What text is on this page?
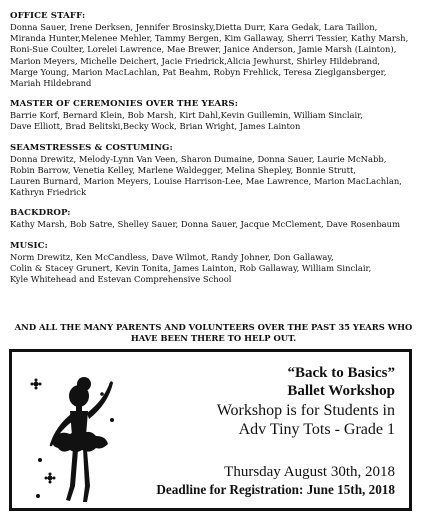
OFFICE STAFF:
Donna Sauer, Irene Derksen, Jennifer Brosinsky,Dietta Durr, Kara Gedak, Lara Taillon,
Miranda Hunter,Melenee Mehler, Tammy Bergen, Kim Gallaway, Sherri Tessier, Kathy Marsh,
Roni-Sue Coulter, Lorelei Lawrence, Mae Brewer, Janice Anderson, Jamie Marsh (Lainton),
Marion Meyers, Michelle Deichert, Jacie Friedrick,Alicia Jewhurst, Shirley Hildebrand,
Marge Young, Marion MacLachlan, Pat Beahm, Robyn Frehlick, Teresa Zieglgansberger,
Mariah Hildebrand
MASTER OF CEREMONIES OVER THE YEARS:
Barrie Korf, Bernard Klein, Bob Marsh, Kirt Dahl,Kevin Guillemin, William Sinclair,
Dave Elliott, Brad Belitski,Becky Wock, Brian Wright, James Lainton
SEAMSTRESSES & COSTUMING:
Donna Drewitz, Melody-Lynn Van Veen, Sharon Dumaine, Donna Sauer, Laurie McNabb,
Robin Barrow, Venetia Kelley, Marlene Waldegger, Melina Shepley, Bonnie Strutt,
Lauren Burnard, Marion Meyers, Louise Harrison-Lee, Mae Lawrence, Marion MacLachlan,
Kathryn Friedrick
BACKDROP:
Kathy Marsh, Bob Satre, Shelley Sauer, Donna Sauer, Jacque McClement, Dave Rosenbaum
MUSIC:
Norm Drewitz, Ken McCandless, Dave Wilmot, Randy Johner, Don Gallaway,
Colin & Stacey Grunert, Kevin Tonita, James Lainton, Rob Gallaway, William Sinclair,
Kyle Whitehead and Estevan Comprehensive School
AND ALL THE MANY PARENTS AND VOLUNTEERS OVER THE PAST 35 YEARS WHO
HAVE BEEN THERE TO HELP OUT.
“Back to Basics”
Ballet Workshop
Workshop is for Students in
Adv Tiny Tots - Grade 1
Thursday August 30th, 2018
Deadline for Registration: June 15th, 2018
